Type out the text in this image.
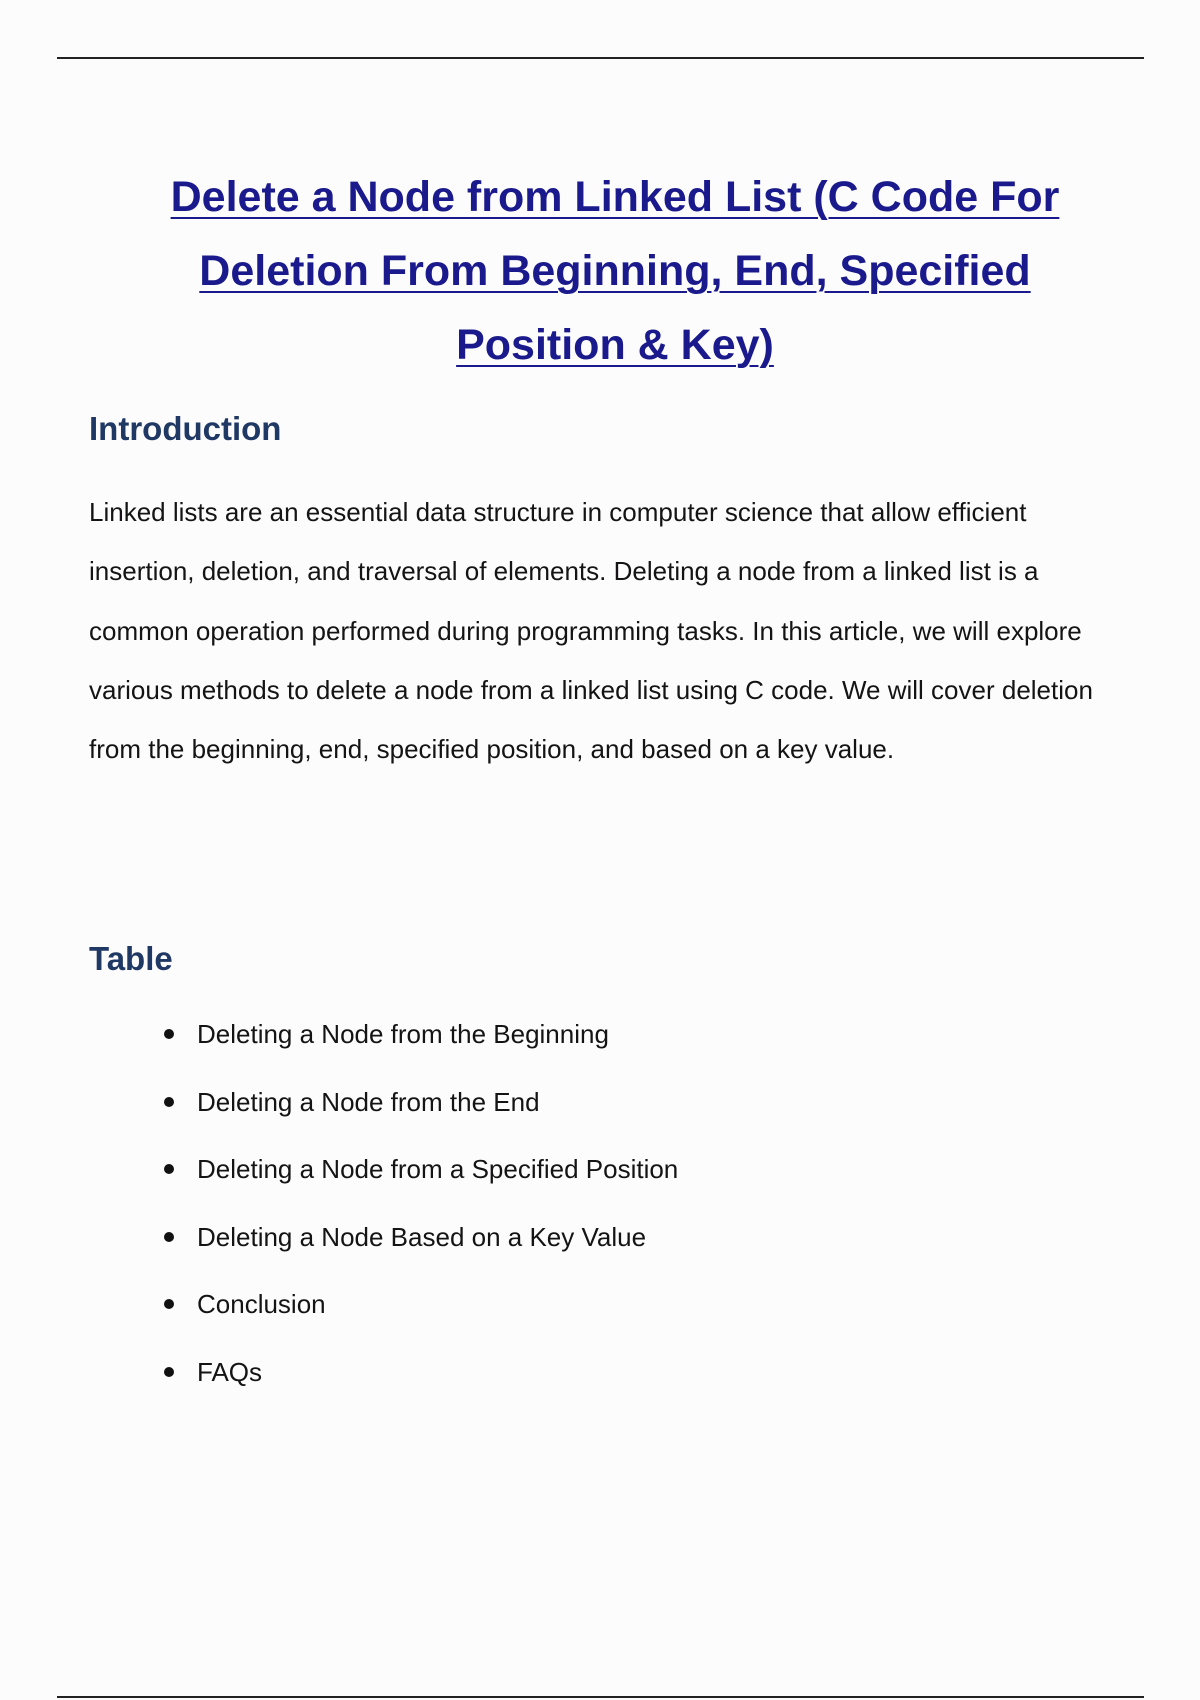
Delete a Node from Linked List (C Code For Deletion From Beginning, End, Specified Position & Key)
Introduction

Linked lists are an essential data structure in computer science that allow efficient insertion, deletion, and traversal of elements. Deleting a node from a linked list is a common operation performed during programming tasks. In this article, we will explore various methods to delete a node from a linked list using C code. We will cover deletion from the beginning, end, specified position, and based on a key value.

Table
Deleting a Node from the Beginning
Deleting a Node from the End
Deleting a Node from a Specified Position
Deleting a Node Based on a Key Value
Conclusion
FAQs
